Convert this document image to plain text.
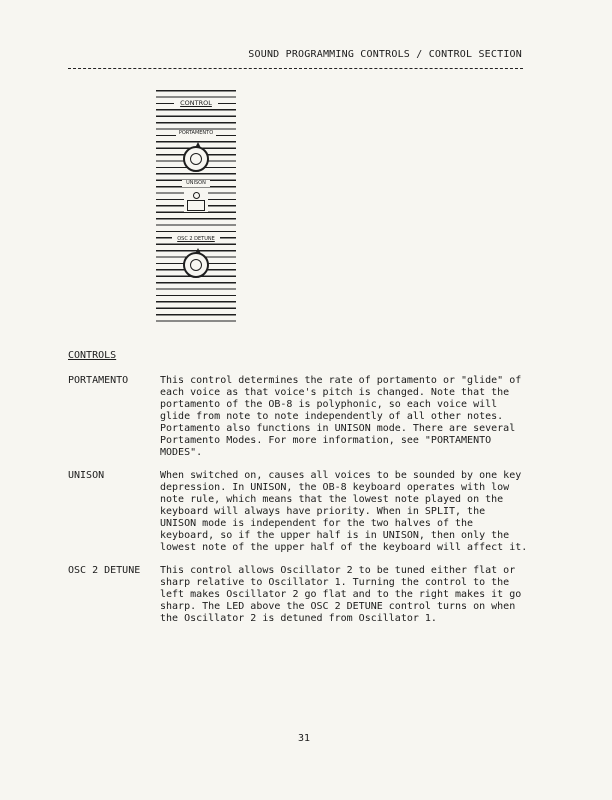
SOUND PROGRAMMING CONTROLS / CONTROL SECTION
CONTROL
PORTAMENTO
UNISON
OSC 2 DETUNE
CONTROLS
PORTAMENTO	This control determines the rate of portamento or "glide" of
each voice as that voice's pitch is changed. Note that the
portamento of the OB-8 is polyphonic, so each voice will
glide from note to note independently of all other notes.
Portamento also functions in UNISON mode. There are several
Portamento Modes. For more information, see "PORTAMENTO
MODES".
UNISON	When switched on, causes all voices to be sounded by one key
depression. In UNISON, the OB-8 keyboard operates with low
note rule, which means that the lowest note played on the
keyboard will always have priority. When in SPLIT, the
UNISON mode is independent for the two halves of the
keyboard, so if the upper half is in UNISON, then only the
lowest note of the upper half of the keyboard will affect it.
OSC 2 DETUNE This control allows Oscillator 2 to be tuned either flat or
sharp relative to Oscillator 1. Turning the control to the
left makes Oscillator 2 go flat and to the right makes it go
sharp. The LED above the OSC 2 DETUNE control turns on when
the Oscillator 2 is detuned from Oscillator 1.
31
